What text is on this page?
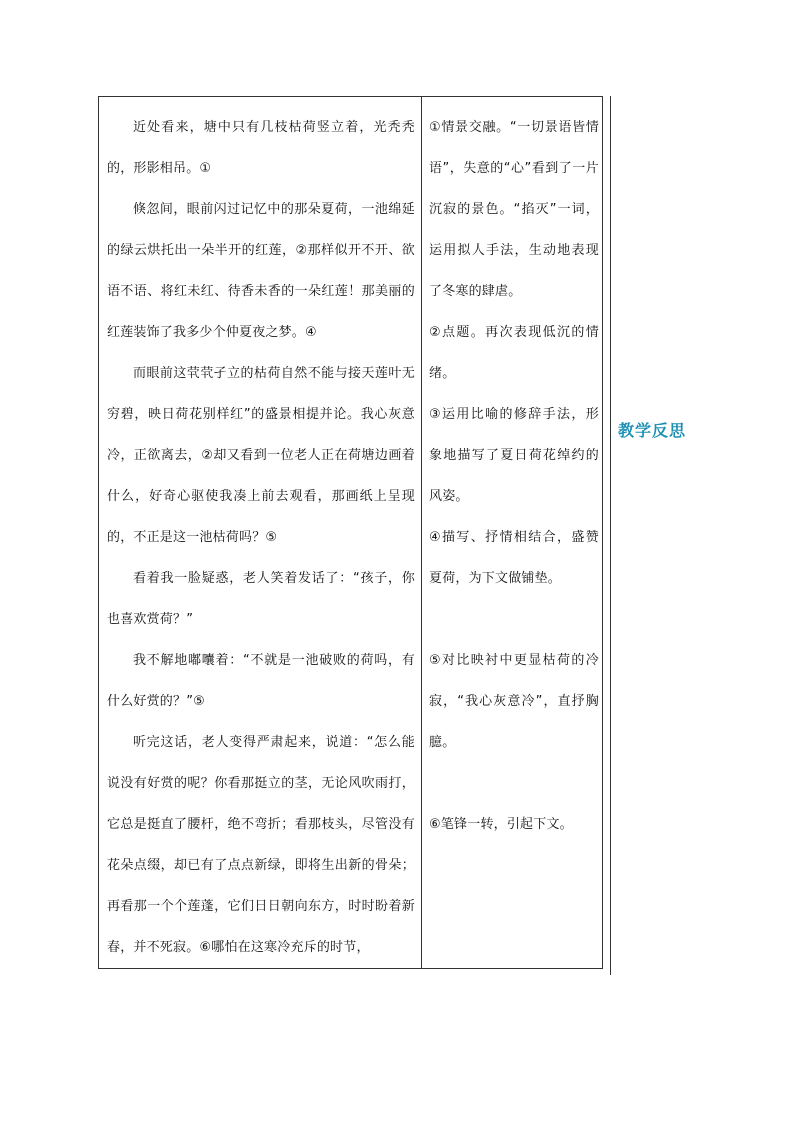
近处看来，塘中只有几枝枯荷竖立着，光秃秃的，形影相吊。①

倏忽间，眼前闪过记忆中的那朵夏荷，一池绵延的绿云烘托出一朵半开的红莲，②那样似开不开、欲语不语、将红未红、待香未香的一朵红莲！那美丽的红莲装饰了我多少个仲夏夜之梦。④

而眼前这茕茕孑立的枯荷自然不能与接天莲叶无穷碧，映日荷花别样红”的盛景相提并论。我心灰意冷，正欲离去，②却又看到一位老人正在荷塘边画着什么，好奇心驱使我凑上前去观看，那画纸上呈现的，不正是这一池枯荷吗？⑤

看着我一脸疑惑，老人笑着发话了：“孩子，你也喜欢赏荷？”

我不解地嘟囔着：“不就是一池破败的荷吗，有什么好赏的？”⑤

听完这话，老人变得严肃起来，说道：“怎么能说没有好赏的呢？你看那挺立的茎，无论风吹雨打，它总是挺直了腰杆，绝不弯折；看那枝头，尽管没有花朵点缀，却已有了点点新绿，即将生出新的骨朵；再看那一个个莲蓬，它们日日朝向东方，时时盼着新春，并不死寂。⑥哪怕在这寒冷充斥的时节，

①情景交融。“一切景语皆情语”，失意的“心”看到了一片沉寂的景色。“掐灭”一词，运用拟人手法，生动地表现了冬寒的肆虐。

②点题。再次表现低沉的情绪。

③运用比喻的修辞手法，形象地描写了夏日荷花绰约的风姿。

④描写、抒情相结合，盛赞夏荷，为下文做铺垫。

⑤对比映衬中更显枯荷的冷寂，“我心灰意冷”，直抒胸臆。

⑥笔锋一转，引起下文。

教学反思
